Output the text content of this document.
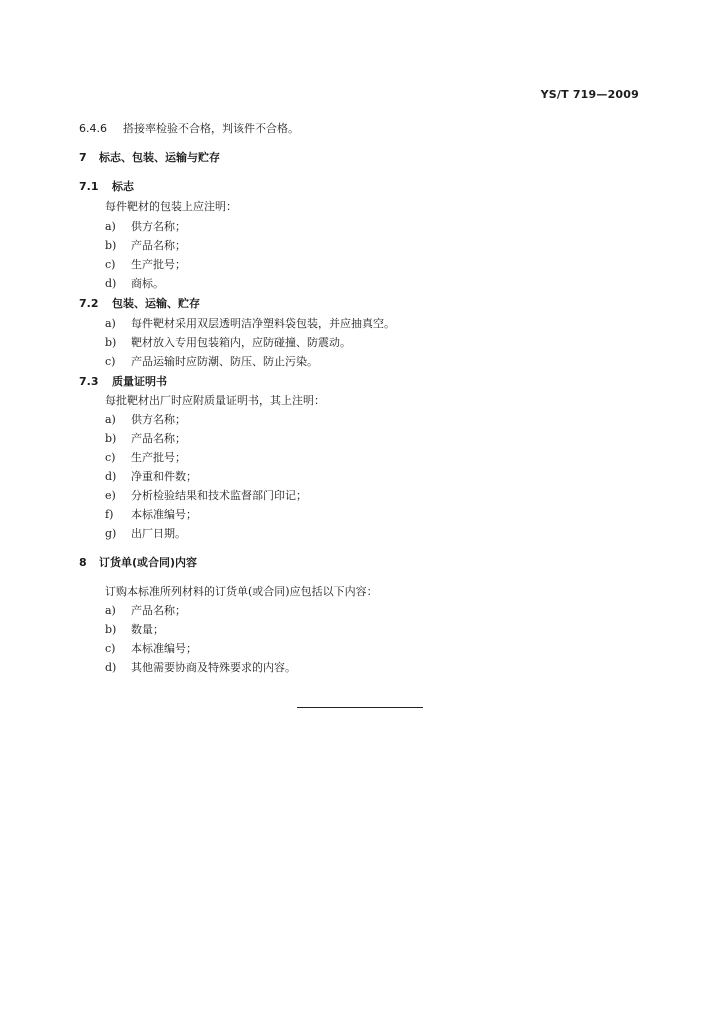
YS/T 719—2009
6.4.6 搭接率检验不合格，判该件不合格。
7 标志、包装、运输与贮存
7.1 标志
每件靶材的包装上应注明：
a) 供方名称；
b) 产品名称；
c) 生产批号；
d) 商标。
7.2 包装、运输、贮存
a) 每件靶材采用双层透明洁净塑料袋包装，并应抽真空。
b) 靶材放入专用包装箱内，应防碰撞、防震动。
c) 产品运输时应防潮、防压、防止污染。
7.3 质量证明书
每批靶材出厂时应附质量证明书，其上注明：
a) 供方名称；
b) 产品名称；
c) 生产批号；
d) 净重和件数；
e) 分析检验结果和技术监督部门印记；
f) 本标准编号；
g) 出厂日期。
8 订货单(或合同)内容
订购本标准所列材料的订货单(或合同)应包括以下内容：
a) 产品名称；
b) 数量；
c) 本标准编号；
d) 其他需要协商及特殊要求的内容。
